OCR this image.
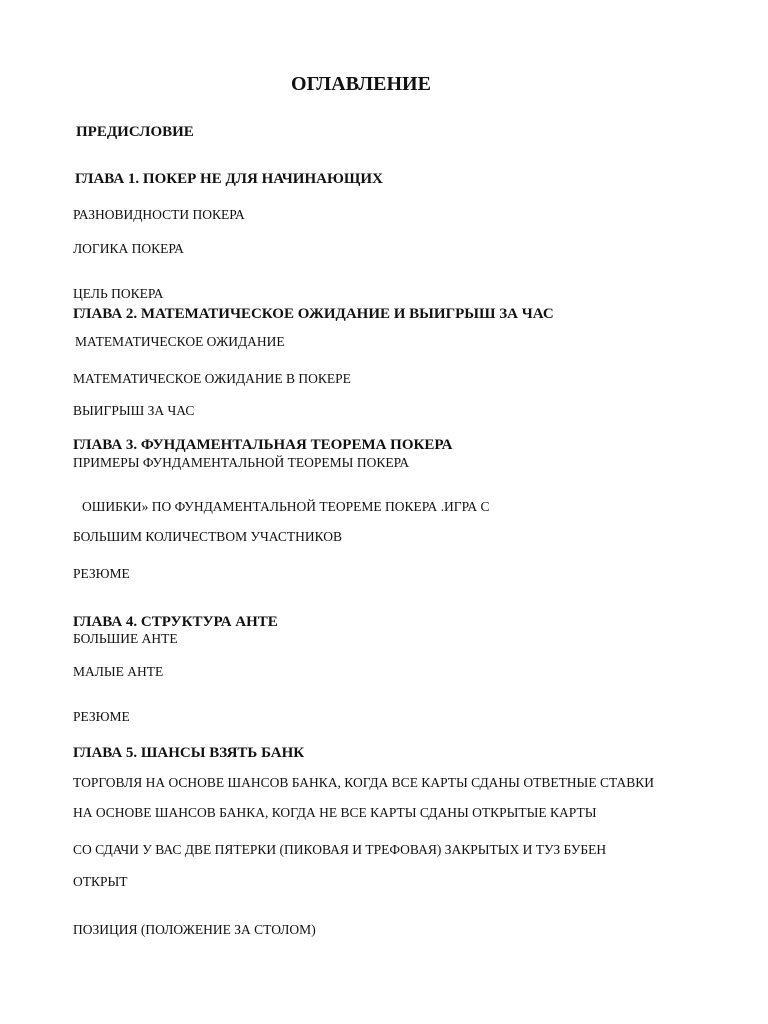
ОГЛАВЛЕНИЕ
ПРЕДИСЛОВИЕ
ГЛАВА 1. ПОКЕР НЕ ДЛЯ НАЧИНАЮЩИХ
РАЗНОВИДНОСТИ ПОКЕРА
ЛОГИКА ПОКЕРА
ЦЕЛЬ ПОКЕРА
ГЛАВА 2. МАТЕМАТИЧЕСКОЕ ОЖИДАНИЕ И ВЫИГРЫШ ЗА ЧАС
МАТЕМАТИЧЕСКОЕ ОЖИДАНИЕ
МАТЕМАТИЧЕСКОЕ ОЖИДАНИЕ В ПОКЕРЕ
ВЫИГРЫШ ЗА ЧАС
ГЛАВА 3. ФУНДАМЕНТАЛЬНАЯ ТЕОРЕМА ПОКЕРА
ПРИМЕРЫ ФУНДАМЕНТАЛЬНОЙ ТЕОРЕМЫ ПОКЕРА
ОШИБКИ» ПО ФУНДАМЕНТАЛЬНОЙ ТЕОРЕМЕ ПОКЕРА .ИГРА С
БОЛЬШИМ КОЛИЧЕСТВОМ УЧАСТНИКОВ
РЕЗЮМЕ
ГЛАВА 4. СТРУКТУРА АНТЕ
БОЛЬШИЕ АНТЕ
МАЛЫЕ АНТЕ
РЕЗЮМЕ
ГЛАВА 5. ШАНСЫ ВЗЯТЬ БАНК
ТОРГОВЛЯ НА ОСНОВЕ ШАНСОВ БАНКА, КОГДА ВСЕ КАРТЫ СДАНЫ ОТВЕТНЫЕ СТАВКИ
НА ОСНОВЕ ШАНСОВ БАНКА, КОГДА НЕ ВСЕ КАРТЫ СДАНЫ ОТКРЫТЫЕ КАРТЫ
СО СДАЧИ У ВАС ДВЕ ПЯТЕРКИ (ПИКОВАЯ И ТРЕФОВАЯ) ЗАКРЫТЫХ И ТУЗ БУБЕН
ОТКРЫТ
ПОЗИЦИЯ (ПОЛОЖЕНИЕ ЗА СТОЛОМ)
